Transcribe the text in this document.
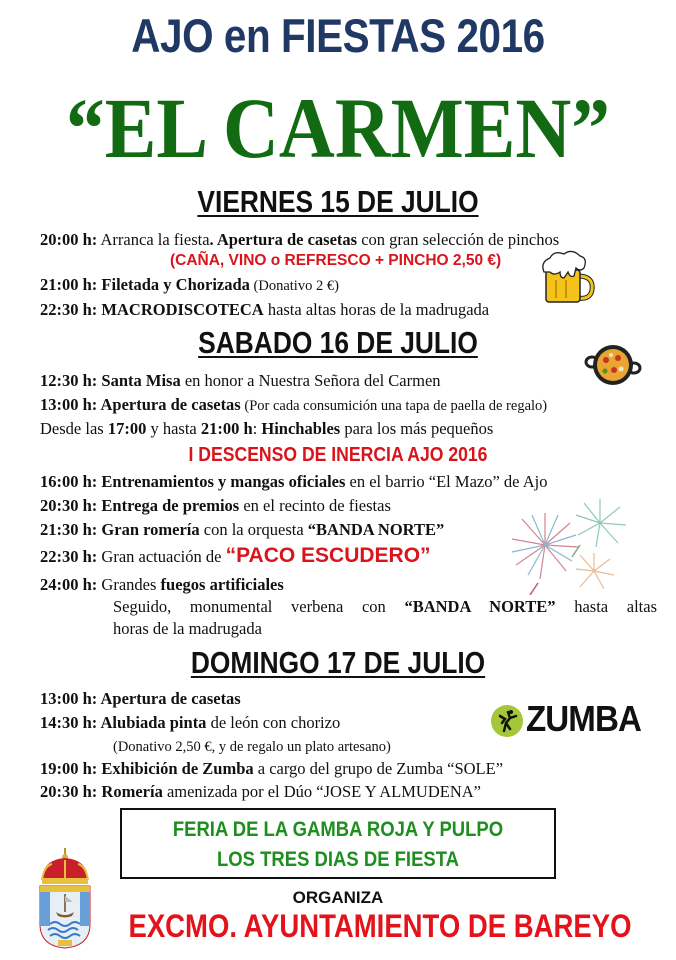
AJO en FIESTAS 2016
“EL CARMEN”
VIERNES 15 DE JULIO
20:00 h: Arranca la fiesta. Apertura de casetas con gran selección de pinchos
(CAÑA, VINO o REFRESCO + PINCHO 2,50 €)
21:00 h: Filetada y Chorizada (Donativo 2 €)
22:30 h: MACRODISCOTECA hasta altas horas de la madrugada
SABADO 16 DE JULIO
12:30 h: Santa Misa en honor a Nuestra Señora del Carmen
13:00 h: Apertura de casetas (Por cada consumición una tapa de paella de regalo)
Desde las 17:00 y hasta 21:00 h: Hinchables para los más pequeños
I DESCENSO DE INERCIA AJO 2016
16:00 h: Entrenamientos y mangas oficiales en el barrio “El Mazo” de Ajo
20:30 h: Entrega de premios en el recinto de fiestas
21:30 h: Gran romería con la orquesta “BANDA NORTE”
22:30 h: Gran actuación de “PACO ESCUDERO”
24:00 h: Grandes fuegos artificiales
Seguido, monumental verbena con “BANDA NORTE” hasta altas
horas de la madrugada
DOMINGO 17 DE JULIO
13:00 h: Apertura de casetas
14:30 h: Alubiada pinta de león con chorizo
(Donativo 2,50 €, y de regalo un plato artesano)
19:00 h: Exhibición de Zumba a cargo del grupo de Zumba “SOLE”
20:30 h: Romería amenizada por el Dúo “JOSE Y ALMUDENA”
ZUMBA
FERIA DE LA GAMBA ROJA Y PULPO
LOS TRES DIAS DE FIESTA
ORGANIZA
EXCMO. AYUNTAMIENTO DE BAREYO
